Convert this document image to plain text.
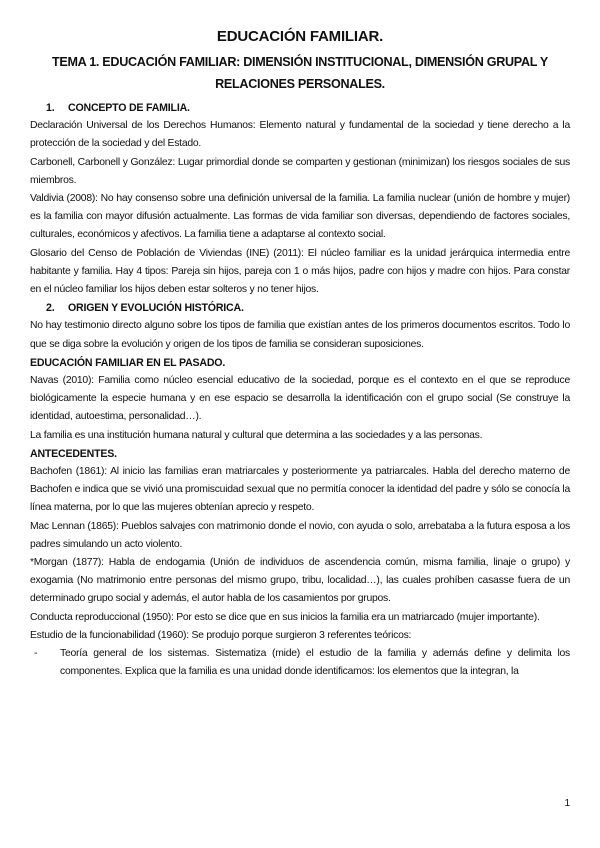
EDUCACIÓN FAMILIAR.
TEMA 1. EDUCACIÓN FAMILIAR: DIMENSIÓN INSTITUCIONAL, DIMENSIÓN GRUPAL Y RELACIONES PERSONALES.
1. CONCEPTO DE FAMILIA.

Declaración Universal de los Derechos Humanos: Elemento natural y fundamental de la sociedad y tiene derecho a la protección de la sociedad y del Estado.

Carbonell, Carbonell y González: Lugar primordial donde se comparten y gestionan (minimizan) los riesgos sociales de sus miembros.

Valdivia (2008): No hay consenso sobre una definición universal de la familia. La familia nuclear (unión de hombre y mujer) es la familia con mayor difusión actualmente. Las formas de vida familiar son diversas, dependiendo de factores sociales, culturales, económicos y afectivos. La familia tiene a adaptarse al contexto social.

Glosario del Censo de Población de Viviendas (INE) (2011): El núcleo familiar es la unidad jerárquica intermedia entre habitante y familia. Hay 4 tipos: Pareja sin hijos, pareja con 1 o más hijos, padre con hijos y madre con hijos. Para constar en el núcleo familiar los hijos deben estar solteros y no tener hijos.

2. ORIGEN Y EVOLUCIÓN HISTÓRICA.

No hay testimonio directo alguno sobre los tipos de familia que existían antes de los primeros documentos escritos. Todo lo que se diga sobre la evolución y origen de los tipos de familia se consideran suposiciones.

EDUCACIÓN FAMILIAR EN EL PASADO.

Navas (2010): Familia como núcleo esencial educativo de la sociedad, porque es el contexto en el que se reproduce biológicamente la especie humana y en ese espacio se desarrolla la identificación con el grupo social (Se construye la identidad, autoestima, personalidad…).

La familia es una institución humana natural y cultural que determina a las sociedades y a las personas.

ANTECEDENTES.

Bachofen (1861): Al inicio las familias eran matriarcales y posteriormente ya patriarcales. Habla del derecho materno de Bachofen e indica que se vivió una promiscuidad sexual que no permitía conocer la identidad del padre y sólo se conocía la línea materna, por lo que las mujeres obtenían aprecio y respeto.

Mac Lennan (1865): Pueblos salvajes con matrimonio donde el novio, con ayuda o solo, arrebataba a la futura esposa a los padres simulando un acto violento.

*Morgan (1877): Habla de endogamia (Unión de individuos de ascendencia común, misma familia, linaje o grupo) y exogamia (No matrimonio entre personas del mismo grupo, tribu, localidad…), las cuales prohíben casasse fuera de un determinado grupo social y además, el autor habla de los casamientos por grupos.

Conducta reproduccional (1950): Por esto se dice que en sus inicios la familia era un matriarcado (mujer importante).

Estudio de la funcionabilidad (1960): Se produjo porque surgieron 3 referentes teóricos:

-	Teoría general de los sistemas. Sistematiza (mide) el estudio de la familia y además define y delimita los componentes. Explica que la familia es una unidad donde identificamos: los elementos que la integran, la
1
